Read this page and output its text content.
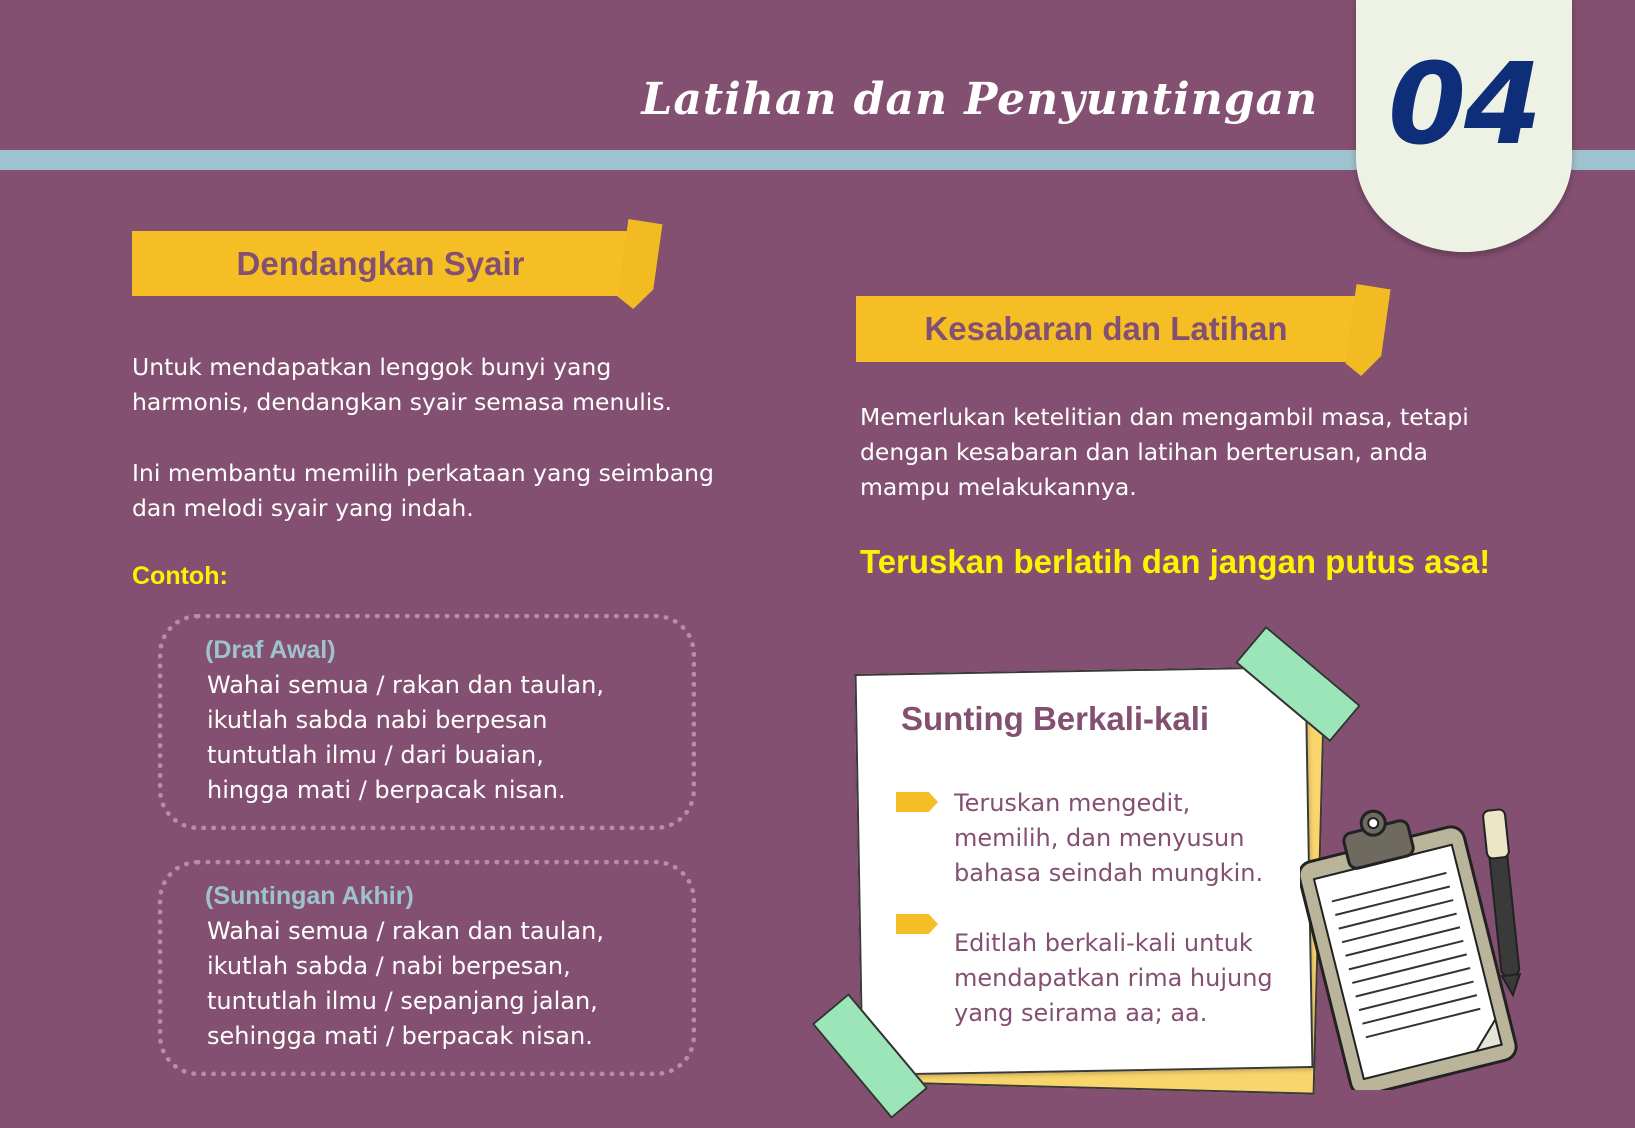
Latihan dan Penyuntingan 04
Dendangkan Syair

Untuk mendapatkan lenggok bunyi yang
harmonis, dendangkan syair semasa menulis.

Ini membantu memilih perkataan yang seimbang
dan melodi syair yang indah.

Contoh:
(Draf Awal)
Wahai semua / rakan dan taulan,
ikutlah sabda nabi berpesan
tuntutlah ilmu / dari buaian,
hingga mati / berpacak nisan.
(Suntingan Akhir)
Wahai semua / rakan dan taulan,
ikutlah sabda / nabi berpesan,
tuntutlah ilmu / sepanjang jalan,
sehingga mati / berpacak nisan.
Kesabaran dan Latihan

Memerlukan ketelitian dan mengambil masa, tetapi
dengan kesabaran dan latihan berterusan, anda
mampu melakukannya.

Teruskan berlatih dan jangan putus asa!
Sunting Berkali-kali
Teruskan mengedit,
memilih, dan menyusun
bahasa seindah mungkin.
Editlah berkali-kali untuk
mendapatkan rima hujung
yang seirama aa; aa.
